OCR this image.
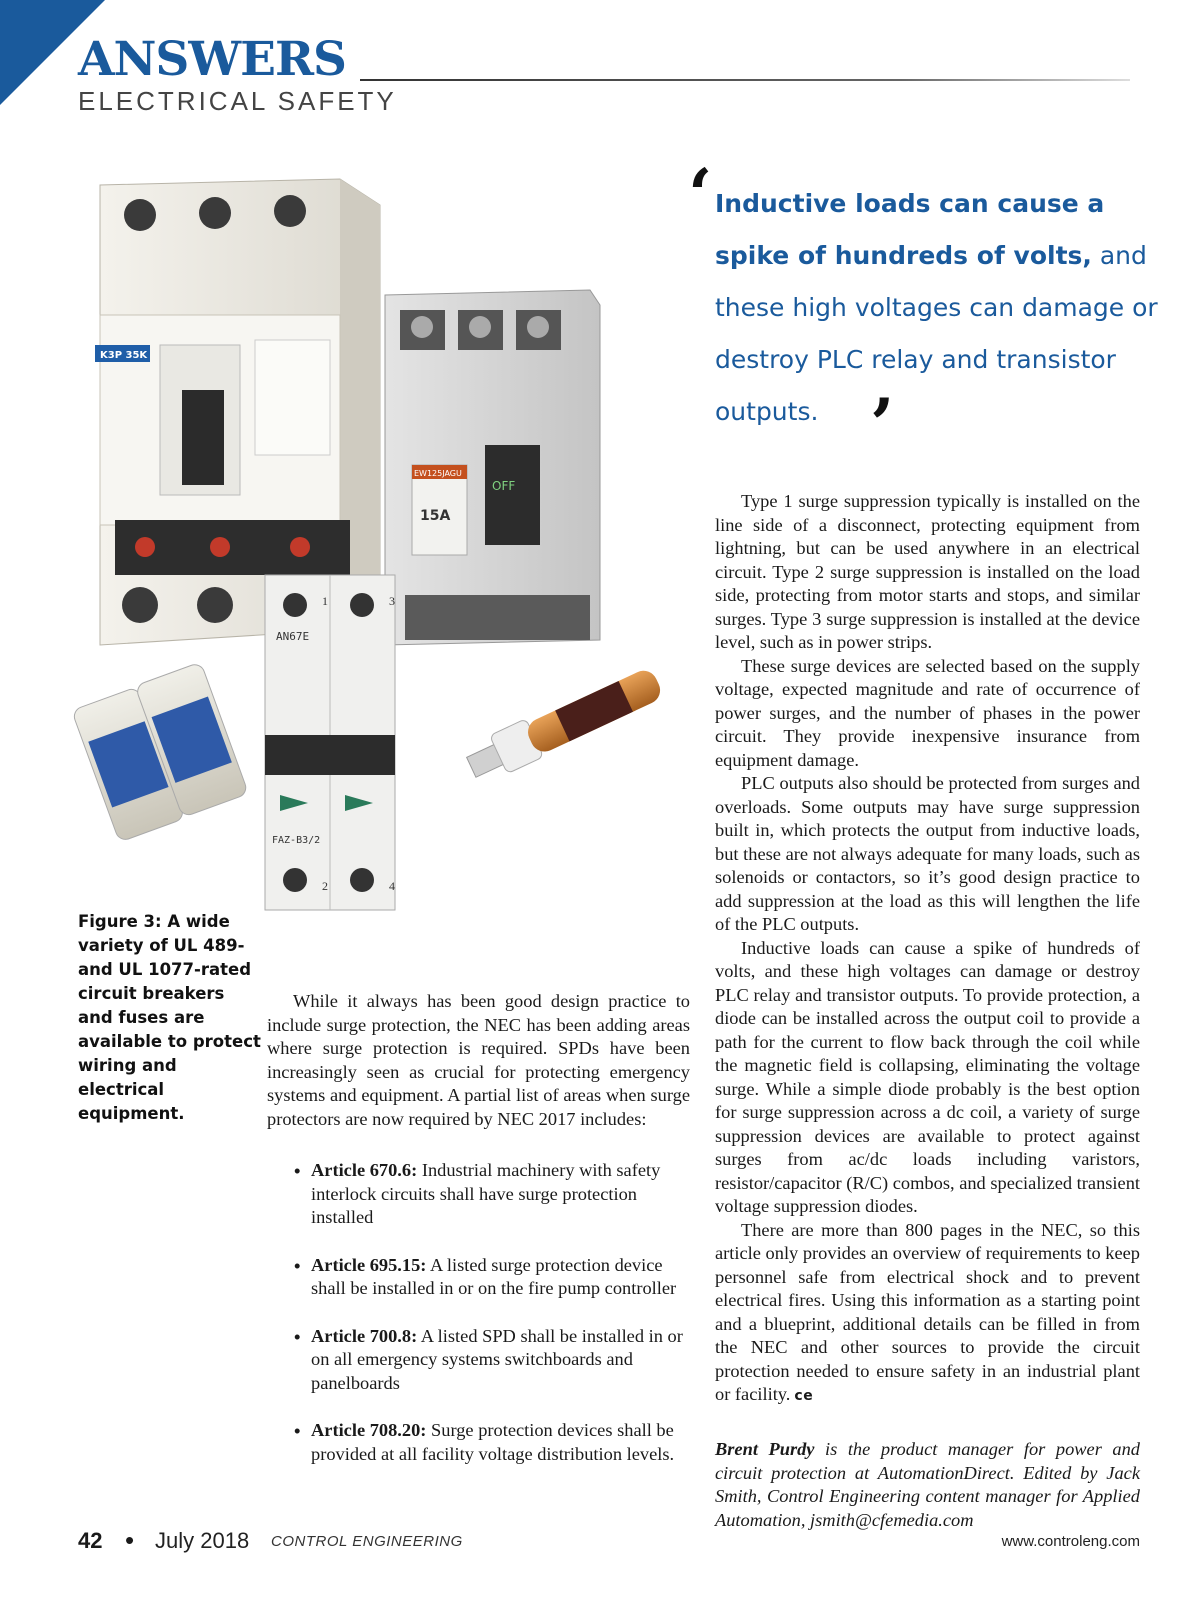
ANSWERS
ELECTRICAL SAFETY
K3P 35K
EW125JAGU
15A
OFF
AN67E
FAZ-B3/2
1	3
2	4
Figure 3: A wide variety of UL 489- and UL 1077-rated circuit breakers and fuses are available to protect wiring and electrical equipment.
‘ Inductive loads can cause a spike of hundreds of volts, and these high voltages can damage or destroy PLC relay and transistor outputs. ’

Type 1 surge suppression typically is installed on the line side of a disconnect, protecting equipment from lightning, but can be used anywhere in an electrical circuit. Type 2 surge suppression is installed on the load side, protecting from motor starts and stops, and similar surges. Type 3 surge suppression is installed at the device level, such as in power strips.

These surge devices are selected based on the supply voltage, expected magnitude and rate of occurrence of power surges, and the number of phases in the power circuit. They provide inexpensive insurance from equipment damage.

PLC outputs also should be protected from surges and overloads. Some outputs may have surge suppression built in, which protects the output from inductive loads, but these are not always adequate for many loads, such as solenoids or contactors, so it’s good design practice to add suppression at the load as this will lengthen the life of the PLC outputs.

Inductive loads can cause a spike of hundreds of volts, and these high voltages can damage or destroy PLC relay and transistor outputs. To provide protection, a diode can be installed across the output coil to provide a path for the current to flow back through the coil while the magnetic field is collapsing, eliminating the voltage surge. While a simple diode probably is the best option for surge suppression across a dc coil, a variety of surge suppression devices are available to protect against surges from ac/dc loads including varistors, resistor/capacitor (R/C) combos, and specialized transient voltage suppression diodes.

There are more than 800 pages in the NEC, so this article only provides an overview of requirements to keep personnel safe from electrical shock and to prevent electrical fires. Using this information as a starting point and a blueprint, additional details can be filled in from the NEC and other sources to provide the circuit protection needed to ensure safety in an industrial plant or facility. ce

While it always has been good design practice to include surge protection, the NEC has been adding areas where surge protection is required. SPDs have been increasingly seen as crucial for protecting emergency systems and equipment. A partial list of areas when surge protectors are now required by NEC 2017 includes:

• Article 670.6: Industrial machinery with safety interlock circuits shall have surge protection installed
• Article 695.15: A listed surge protection device shall be installed in or on the fire pump controller
• Article 700.8: A listed SPD shall be installed in or on all emergency systems switchboards and panelboards
• Article 708.20: Surge protection devices shall be provided at all facility voltage distribution levels.	Brent Purdy is the product manager for power and circuit protection at AutomationDirect. Edited by Jack Smith, Control Engineering content manager for Applied Automation, jsmith@cfemedia.com
42 • July 2018 CONTROL ENGINEERING	www.controleng.com
